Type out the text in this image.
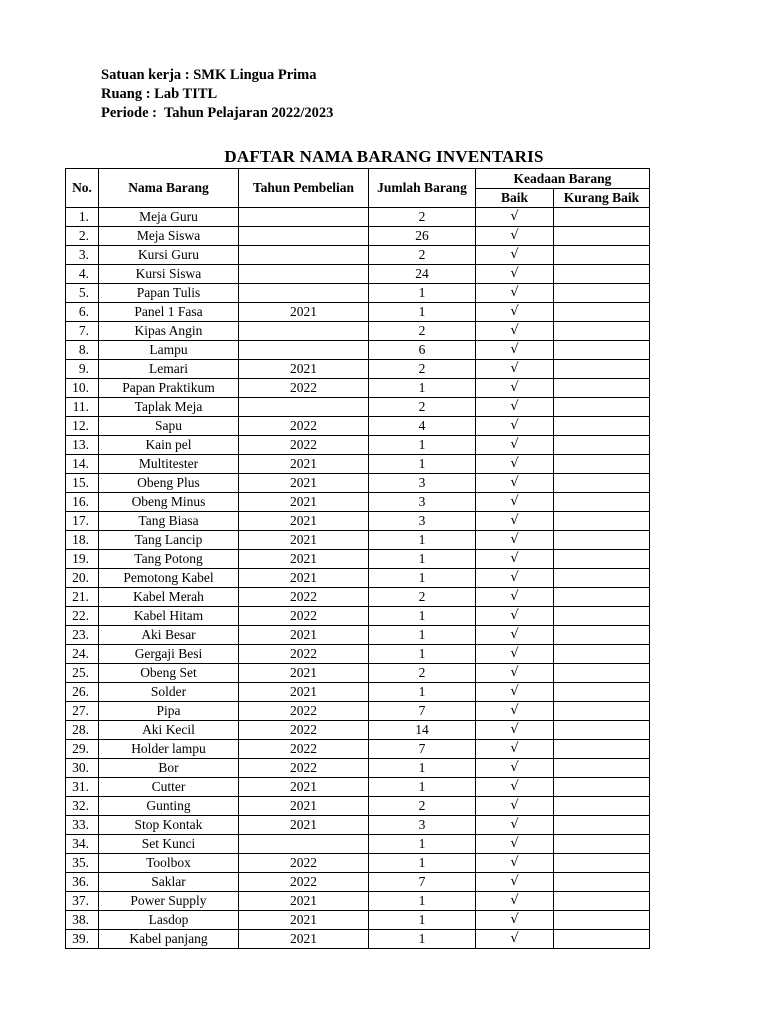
Satuan kerja : SMK Lingua Prima
Ruang : Lab TITL
Periode :  Tahun Pelajaran 2022/2023
DAFTAR NAMA BARANG INVENTARIS
No.	Nama Barang	Tahun Pembelian	Jumlah Barang	Keadaan Barang	
				Baik	Kurang Baik
1.	Meja Guru		2	√	
2.	Meja Siswa		26	√	
3.	Kursi Guru		2	√	
4.	Kursi Siswa		24	√	
5.	Papan Tulis		1	√	
6.	Panel 1 Fasa	2021	1	√	
7.	Kipas Angin		2	√	
8.	Lampu		6	√	
9.	Lemari	2021	2	√	
10.	Papan Praktikum	2022	1	√	
11.	Taplak Meja		2	√	
12.	Sapu	2022	4	√	
13.	Kain pel	2022	1	√	
14.	Multitester	2021	1	√	
15.	Obeng Plus	2021	3	√	
16.	Obeng Minus	2021	3	√	
17.	Tang Biasa	2021	3	√	
18.	Tang Lancip	2021	1	√	
19.	Tang Potong	2021	1	√	
20.	Pemotong Kabel	2021	1	√	
21.	Kabel Merah	2022	2	√	
22.	Kabel Hitam	2022	1	√	
23.	Aki Besar	2021	1	√	
24.	Gergaji Besi	2022	1	√	
25.	Obeng Set	2021	2	√	
26.	Solder	2021	1	√	
27.	Pipa	2022	7	√	
28.	Aki Kecil	2022	14	√	
29.	Holder lampu	2022	7	√	
30.	Bor	2022	1	√	
31.	Cutter	2021	1	√	
32.	Gunting	2021	2	√	
33.	Stop Kontak	2021	3	√	
34.	Set Kunci		1	√	
35.	Toolbox	2022	1	√	
36.	Saklar	2022	7	√	
37.	Power Supply	2021	1	√	
38.	Lasdop	2021	1	√	
39.	Kabel panjang	2021	1	√	
